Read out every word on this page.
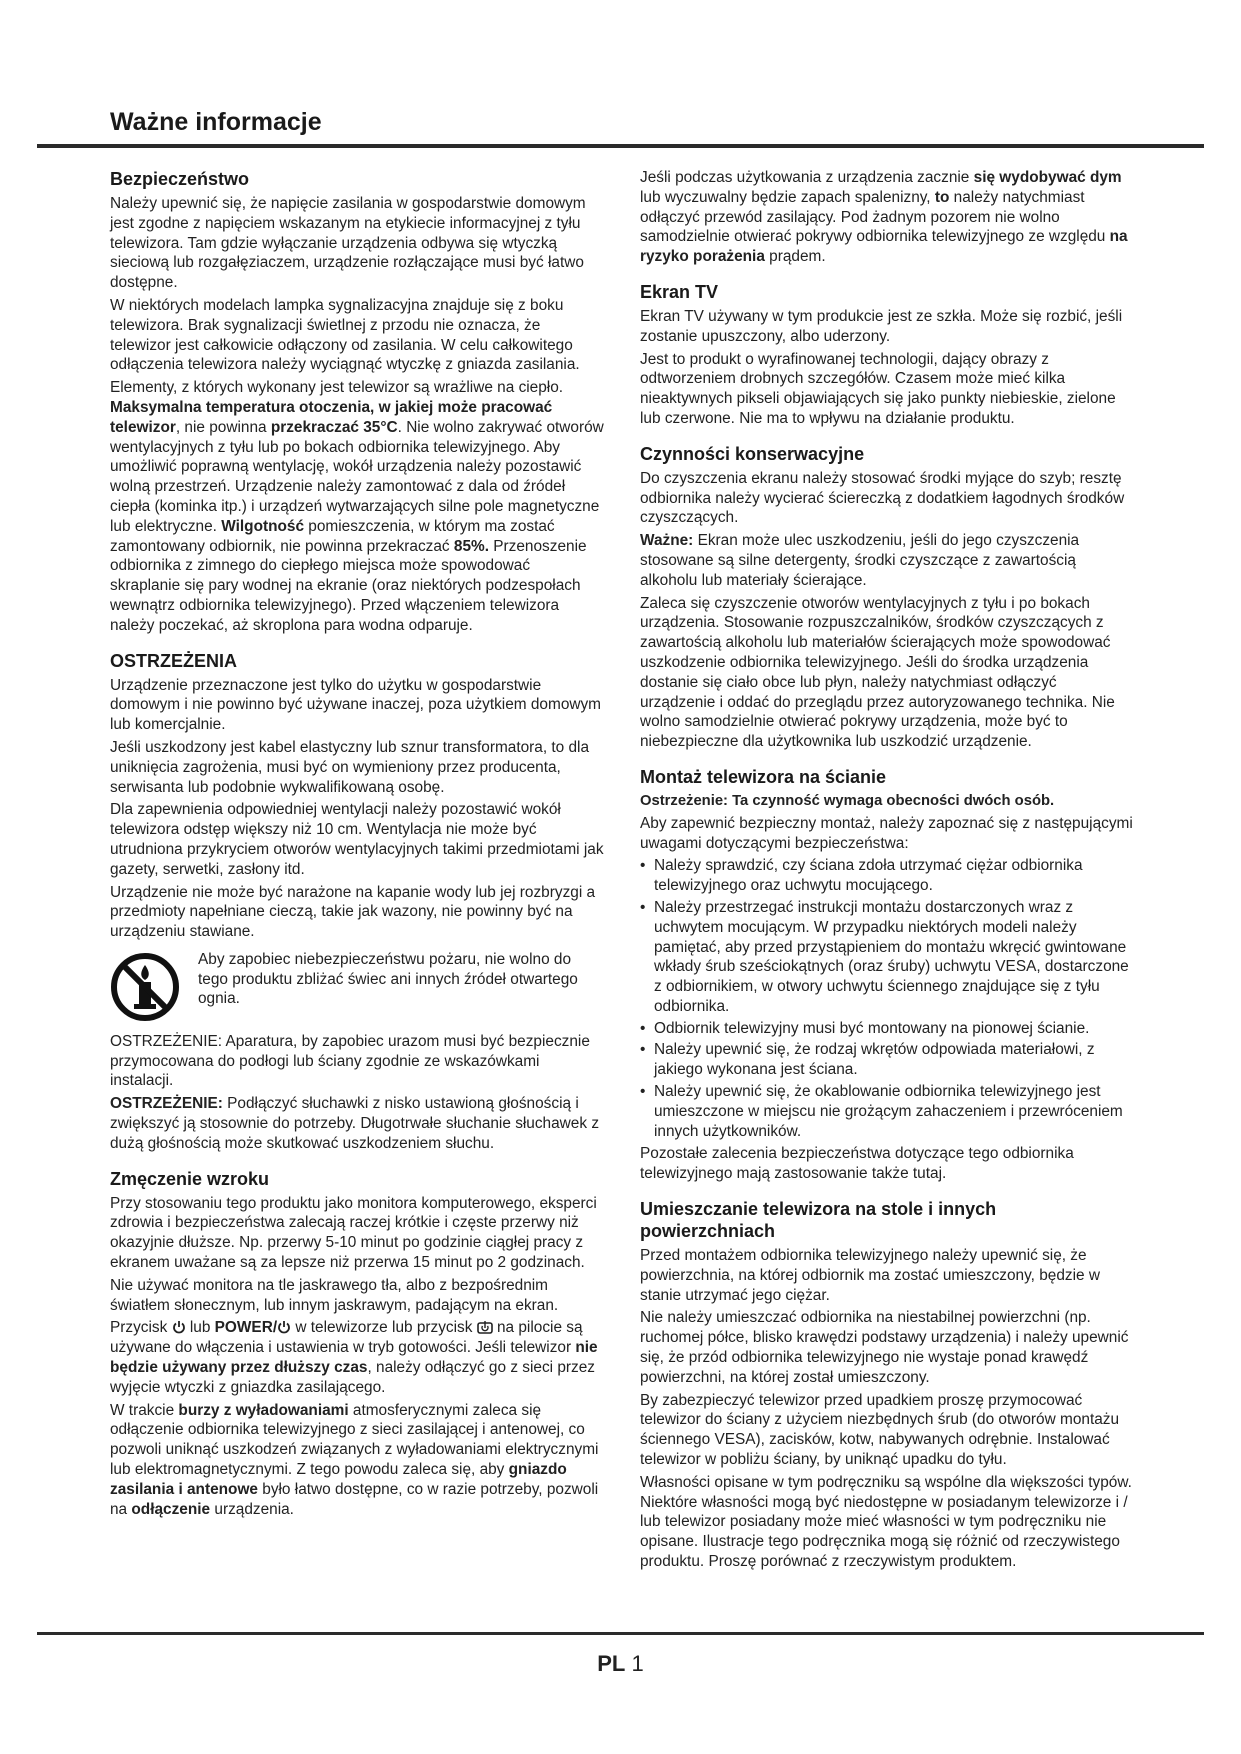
Ważne informacje
Bezpieczeństwo

Należy upewnić się, że napięcie zasilania w gospodarstwie domowym jest zgodne z napięciem wskazanym na etykiecie informacyjnej z tyłu telewizora. Tam gdzie wyłączanie urządzenia odbywa się wtyczką sieciową lub rozgałęziaczem, urządzenie rozłączające musi być łatwo dostępne.

W niektórych modelach lampka sygnalizacyjna znajduje się z boku telewizora. Brak sygnalizacji świetlnej z przodu nie oznacza, że telewizor jest całkowicie odłączony od zasilania. W celu całkowitego odłączenia telewizora należy wyciągnąć wtyczkę z gniazda zasilania.

Elementy, z których wykonany jest telewizor są wrażliwe na ciepło. Maksymalna temperatura otoczenia, w jakiej może pracować telewizor, nie powinna przekraczać 35°C. Nie wolno zakrywać otworów wentylacyjnych z tyłu lub po bokach odbiornika telewizyjnego. Aby umożliwić poprawną wentylację, wokół urządzenia należy pozostawić wolną przestrzeń. Urządzenie należy zamontować z dala od źródeł ciepła (kominka itp.) i urządzeń wytwarzających silne pole magnetyczne lub elektryczne. Wilgotność pomieszczenia, w którym ma zostać zamontowany odbiornik, nie powinna przekraczać 85%. Przenoszenie odbiornika z zimnego do ciepłego miejsca może spowodować skraplanie się pary wodnej na ekranie (oraz niektórych podzespołach wewnątrz odbiornika telewizyjnego). Przed włączeniem telewizora należy poczekać, aż skroplona para wodna odparuje.

OSTRZEŻENIA

Urządzenie przeznaczone jest tylko do użytku w gospodarstwie domowym i nie powinno być używane inaczej, poza użytkiem domowym lub komercjalnie.

Jeśli uszkodzony jest kabel elastyczny lub sznur transformatora, to dla uniknięcia zagrożenia, musi być on wymieniony przez producenta, serwisanta lub podobnie wykwalifikowaną osobę.

Dla zapewnienia odpowiedniej wentylacji należy pozostawić wokół telewizora odstęp większy niż 10 cm. Wentylacja nie może być utrudniona przykryciem otworów wentylacyjnych takimi przedmiotami jak gazety, serwetki, zasłony itd.

Urządzenie nie może być narażone na kapanie wody lub jej rozbryzgi a przedmioty napełniane cieczą, takie jak wazony, nie powinny być na urządzeniu stawiane.

Aby zapobiec niebezpieczeństwu pożaru, nie wolno do tego produktu zbliżać świec ani innych źródeł otwartego ognia.

OSTRZEŻENIE: Aparatura, by zapobiec urazom musi być bezpiecznie przymocowana do podłogi lub ściany zgodnie ze wskazówkami instalacji.

OSTRZEŻENIE: Podłączyć słuchawki z nisko ustawioną głośnością i zwiększyć ją stosownie do potrzeby. Długotrwałe słuchanie słuchawek z dużą głośnością może skutkować uszkodzeniem słuchu.

Zmęczenie wzroku

Przy stosowaniu tego produktu jako monitora komputerowego, eksperci zdrowia i bezpieczeństwa zalecają raczej krótkie i częste przerwy niż okazyjnie dłuższe. Np. przerwy 5-10 minut po godzinie ciągłej pracy z ekranem uważane są za lepsze niż przerwa 15 minut po 2 godzinach.

Nie używać monitora na tle jaskrawego tła, albo z bezpośrednim światłem słonecznym, lub innym jaskrawym, padającym na ekran.

Przycisk  lub POWER/ w telewizorze lub przycisk  na pilocie są używane do włączenia i ustawienia w tryb gotowości. Jeśli telewizor nie będzie używany przez dłuższy czas, należy odłączyć go z sieci przez wyjęcie wtyczki z gniazdka zasilającego.

W trakcie burzy z wyładowaniami atmosferycznymi zaleca się odłączenie odbiornika telewizyjnego z sieci zasilającej i antenowej, co pozwoli uniknąć uszkodzeń związanych z wyładowaniami elektrycznymi lub elektromagnetycznymi. Z tego powodu zaleca się, aby gniazdo zasilania i antenowe było łatwo dostępne, co w razie potrzeby, pozwoli na odłączenie urządzenia.

Jeśli podczas użytkowania z urządzenia zacznie się wydobywać dym lub wyczuwalny będzie zapach spalenizny, to należy natychmiast odłączyć przewód zasilający. Pod żadnym pozorem nie wolno samodzielnie otwierać pokrywy odbiornika telewizyjnego ze względu na ryzyko porażenia prądem.

Ekran TV

Ekran TV używany w tym produkcie jest ze szkła. Może się rozbić, jeśli zostanie upuszczony, albo uderzony.

Jest to produkt o wyrafinowanej technologii, dający obrazy z odtworzeniem drobnych szczegółów. Czasem może mieć kilka nieaktywnych pikseli objawiających się jako punkty niebieskie, zielone lub czerwone. Nie ma to wpływu na działanie produktu.

Czynności konserwacyjne

Do czyszczenia ekranu należy stosować środki myjące do szyb; resztę odbiornika należy wycierać ściereczką z dodatkiem łagodnych środków czyszczących.

Ważne: Ekran może ulec uszkodzeniu, jeśli do jego czyszczenia stosowane są silne detergenty, środki czyszczące z zawartością alkoholu lub materiały ścierające.

Zaleca się czyszczenie otworów wentylacyjnych z tyłu i po bokach urządzenia. Stosowanie rozpuszczalników, środków czyszczących z zawartością alkoholu lub materiałów ścierających może spowodować uszkodzenie odbiornika telewizyjnego. Jeśli do środka urządzenia dostanie się ciało obce lub płyn, należy natychmiast odłączyć urządzenie i oddać do przeglądu przez autoryzowanego technika. Nie wolno samodzielnie otwierać pokrywy urządzenia, może być to niebezpieczne dla użytkownika lub uszkodzić urządzenie.

Montaż telewizora na ścianie
Ostrzeżenie: Ta czynność wymaga obecności dwóch osób.

Aby zapewnić bezpieczny montaż, należy zapoznać się z następującymi uwagami dotyczącymi bezpieczeństwa:

• Należy sprawdzić, czy ściana zdoła utrzymać ciężar odbiornika telewizyjnego oraz uchwytu mocującego.
• Należy przestrzegać instrukcji montażu dostarczonych wraz z uchwytem mocującym. W przypadku niektórych modeli należy pamiętać, aby przed przystąpieniem do montażu wkręcić gwintowane wkłady śrub sześciokątnych (oraz śruby) uchwytu VESA, dostarczone z odbiornikiem, w otwory uchwytu ściennego znajdujące się z tyłu odbiornika.
• Odbiornik telewizyjny musi być montowany na pionowej ścianie.
• Należy upewnić się, że rodzaj wkrętów odpowiada materiałowi, z jakiego wykonana jest ściana.
• Należy upewnić się, że okablowanie odbiornika telewizyjnego jest umieszczone w miejscu nie grożącym zahaczeniem i przewróceniem innych użytkowników.

Pozostałe zalecenia bezpieczeństwa dotyczące tego odbiornika telewizyjnego mają zastosowanie także tutaj.

Umieszczanie telewizora na stole i innych powierzchniach

Przed montażem odbiornika telewizyjnego należy upewnić się, że powierzchnia, na której odbiornik ma zostać umieszczony, będzie w stanie utrzymać jego ciężar.

Nie należy umieszczać odbiornika na niestabilnej powierzchni (np. ruchomej półce, blisko krawędzi podstawy urządzenia) i należy upewnić się, że przód odbiornika telewizyjnego nie wystaje ponad krawędź powierzchni, na której został umieszczony.

By zabezpieczyć telewizor przed upadkiem proszę przymocować telewizor do ściany z użyciem niezbędnych śrub (do otworów montażu ściennego VESA), zacisków, kotw, nabywanych odrębnie. Instalować telewizor w pobliżu ściany, by uniknąć upadku do tyłu.

Własności opisane w tym podręczniku są wspólne dla większości typów. Niektóre własności mogą być niedostępne w posiadanym telewizorze i / lub telewizor posiadany może mieć własności w tym podręczniku nie opisane. Ilustracje tego podręcznika mogą się różnić od rzeczywistego produktu. Proszę porównać z rzeczywistym produktem.

PL 1
